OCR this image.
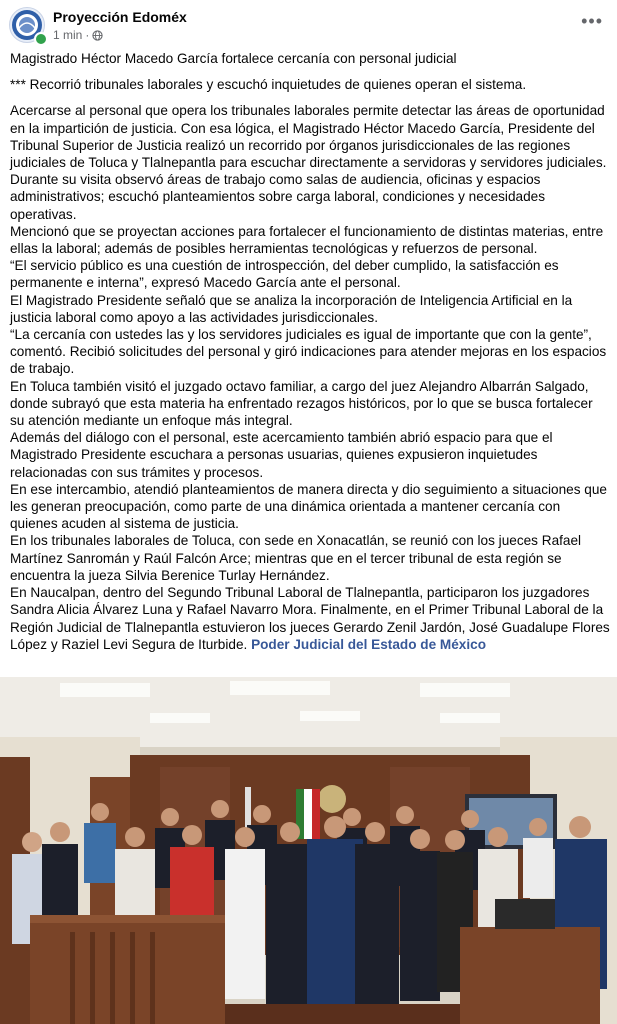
Proyección Edoméx
1 min ·
•••

Magistrado Héctor Macedo García fortalece cercanía con personal judicial

*** Recorrió tribunales laborales y escuchó inquietudes de quienes operan el sistema.

Acercarse al personal que opera los tribunales laborales permite detectar las áreas de oportunidad en la impartición de justicia. Con esa lógica, el Magistrado Héctor Macedo García, Presidente del Tribunal Superior de Justicia realizó un recorrido por órganos jurisdiccionales de las regiones judiciales de Toluca y Tlalnepantla para escuchar directamente a servidoras y servidores judiciales.

Durante su visita observó áreas de trabajo como salas de audiencia, oficinas y espacios administrativos; escuchó planteamientos sobre carga laboral, condiciones y necesidades operativas.

Mencionó que se proyectan acciones para fortalecer el funcionamiento de distintas materias, entre ellas la laboral; además de posibles herramientas tecnológicas y refuerzos de personal.

“El servicio público es una cuestión de introspección, del deber cumplido, la satisfacción es permanente e interna”, expresó Macedo García ante el personal.

El Magistrado Presidente señaló que se analiza la incorporación de Inteligencia Artificial en la justicia laboral como apoyo a las actividades jurisdiccionales.

“La cercanía con ustedes las y los servidores judiciales es igual de importante que con la gente”, comentó. Recibió solicitudes del personal y giró indicaciones para atender mejoras en los espacios de trabajo.

En Toluca también visitó el juzgado octavo familiar, a cargo del juez Alejandro Albarrán Salgado, donde subrayó que esta materia ha enfrentado rezagos históricos, por lo que se busca fortalecer su atención mediante un enfoque más integral.

Además del diálogo con el personal, este acercamiento también abrió espacio para que el Magistrado Presidente escuchara a personas usuarias, quienes expusieron inquietudes relacionadas con sus trámites y procesos.

En ese intercambio, atendió planteamientos de manera directa y dio seguimiento a situaciones que les generan preocupación, como parte de una dinámica orientada a mantener cercanía con quienes acuden al sistema de justicia.

En los tribunales laborales de Toluca, con sede en Xonacatlán, se reunió con los jueces Rafael Martínez Sanromán y Raúl Falcón Arce; mientras que en el tercer tribunal de esta región se encuentra la jueza Silvia Berenice Turlay Hernández.

En Naucalpan, dentro del Segundo Tribunal Laboral de Tlalnepantla, participaron los juzgadores Sandra Alicia Álvarez Luna y Rafael Navarro Mora. Finalmente, en el Primer Tribunal Laboral de la Región Judicial de Tlalnepantla estuvieron los jueces Gerardo Zenil Jardón, José Guadalupe Flores López y Raziel Levi Segura de Iturbide. Poder Judicial del Estado de México
